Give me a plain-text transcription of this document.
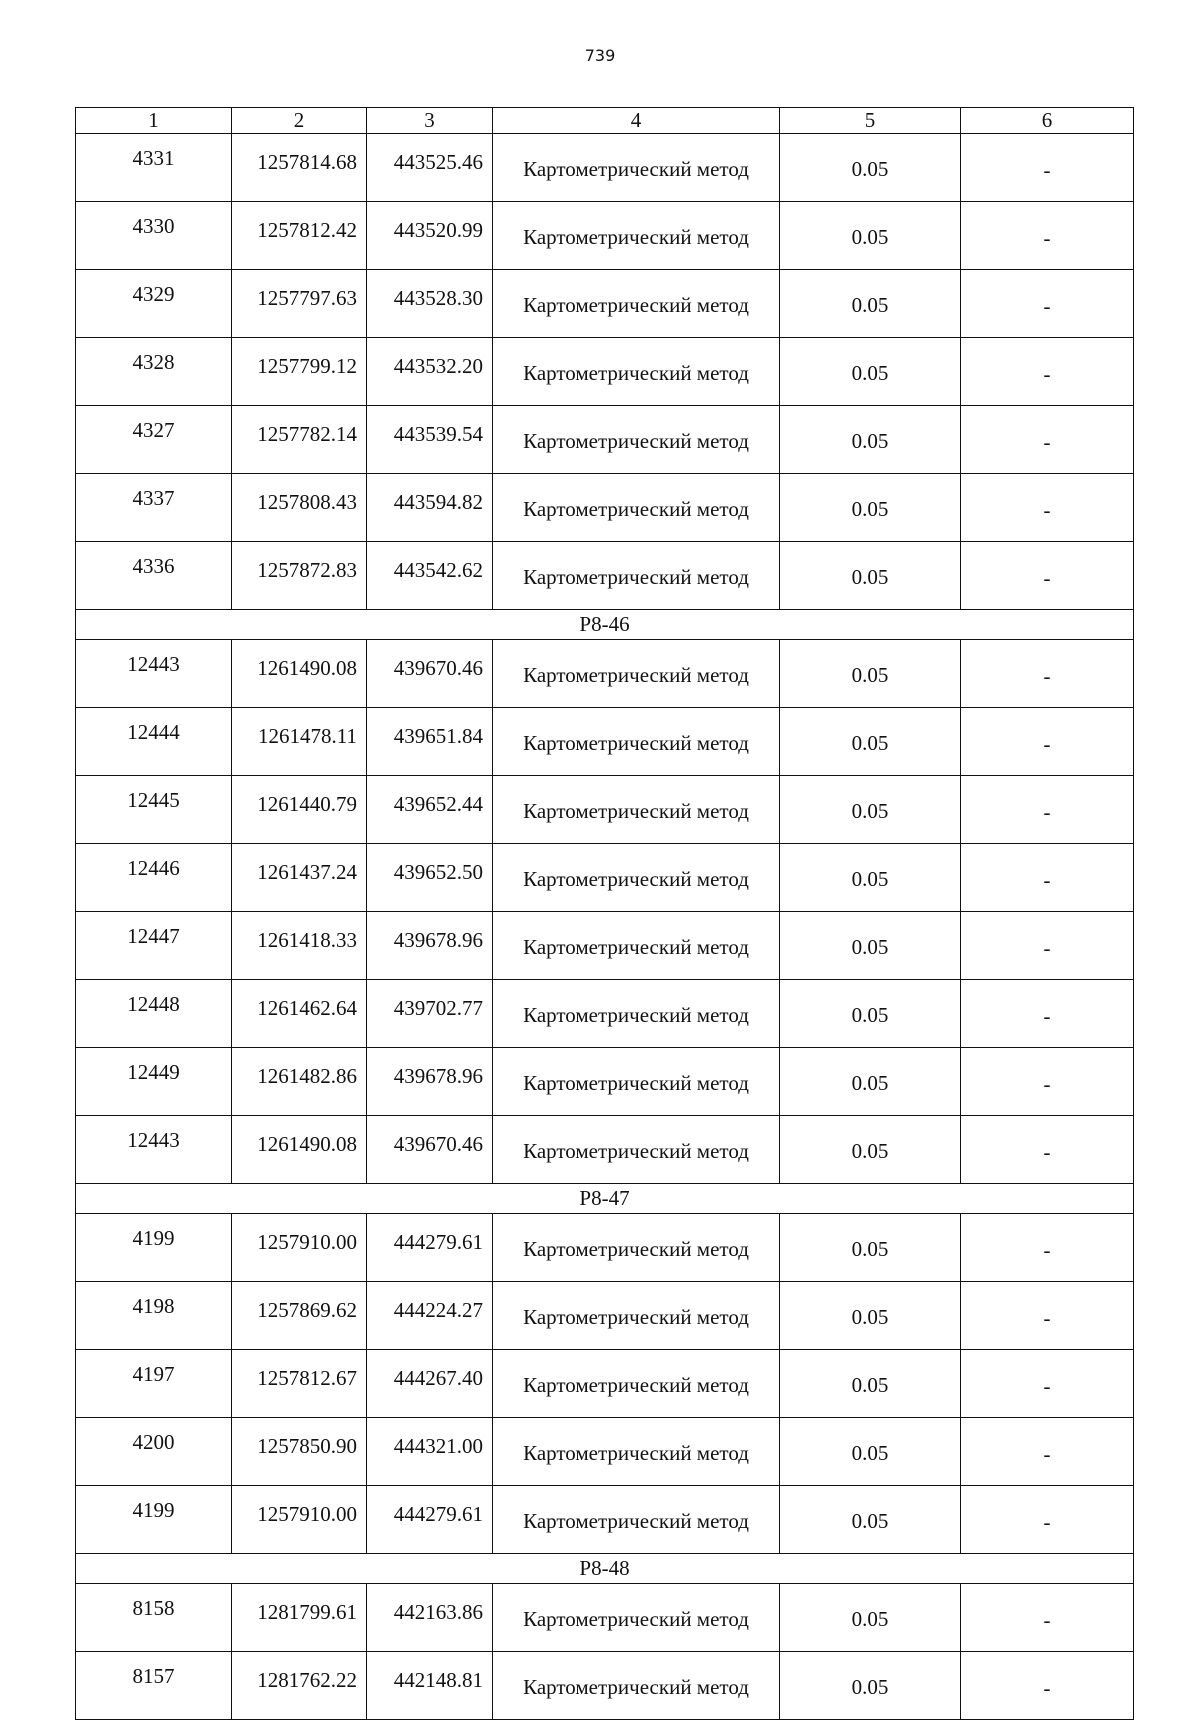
739
1	2	3	4	5	6
4331	1257814.68	443525.46	Картометрический метод	0.05	-
4330	1257812.42	443520.99	Картометрический метод	0.05	-
4329	1257797.63	443528.30	Картометрический метод	0.05	-
4328	1257799.12	443532.20	Картометрический метод	0.05	-
4327	1257782.14	443539.54	Картометрический метод	0.05	-
4337	1257808.43	443594.82	Картометрический метод	0.05	-
4336	1257872.83	443542.62	Картометрический метод	0.05	-
Р8-46					
12443	1261490.08	439670.46	Картометрический метод	0.05	-
12444	1261478.11	439651.84	Картометрический метод	0.05	-
12445	1261440.79	439652.44	Картометрический метод	0.05	-
12446	1261437.24	439652.50	Картометрический метод	0.05	-
12447	1261418.33	439678.96	Картометрический метод	0.05	-
12448	1261462.64	439702.77	Картометрический метод	0.05	-
12449	1261482.86	439678.96	Картометрический метод	0.05	-
12443	1261490.08	439670.46	Картометрический метод	0.05	-
Р8-47					
4199	1257910.00	444279.61	Картометрический метод	0.05	-
4198	1257869.62	444224.27	Картометрический метод	0.05	-
4197	1257812.67	444267.40	Картометрический метод	0.05	-
4200	1257850.90	444321.00	Картометрический метод	0.05	-
4199	1257910.00	444279.61	Картометрический метод	0.05	-
Р8-48					
8158	1281799.61	442163.86	Картометрический метод	0.05	-
8157	1281762.22	442148.81	Картометрический метод	0.05	-
